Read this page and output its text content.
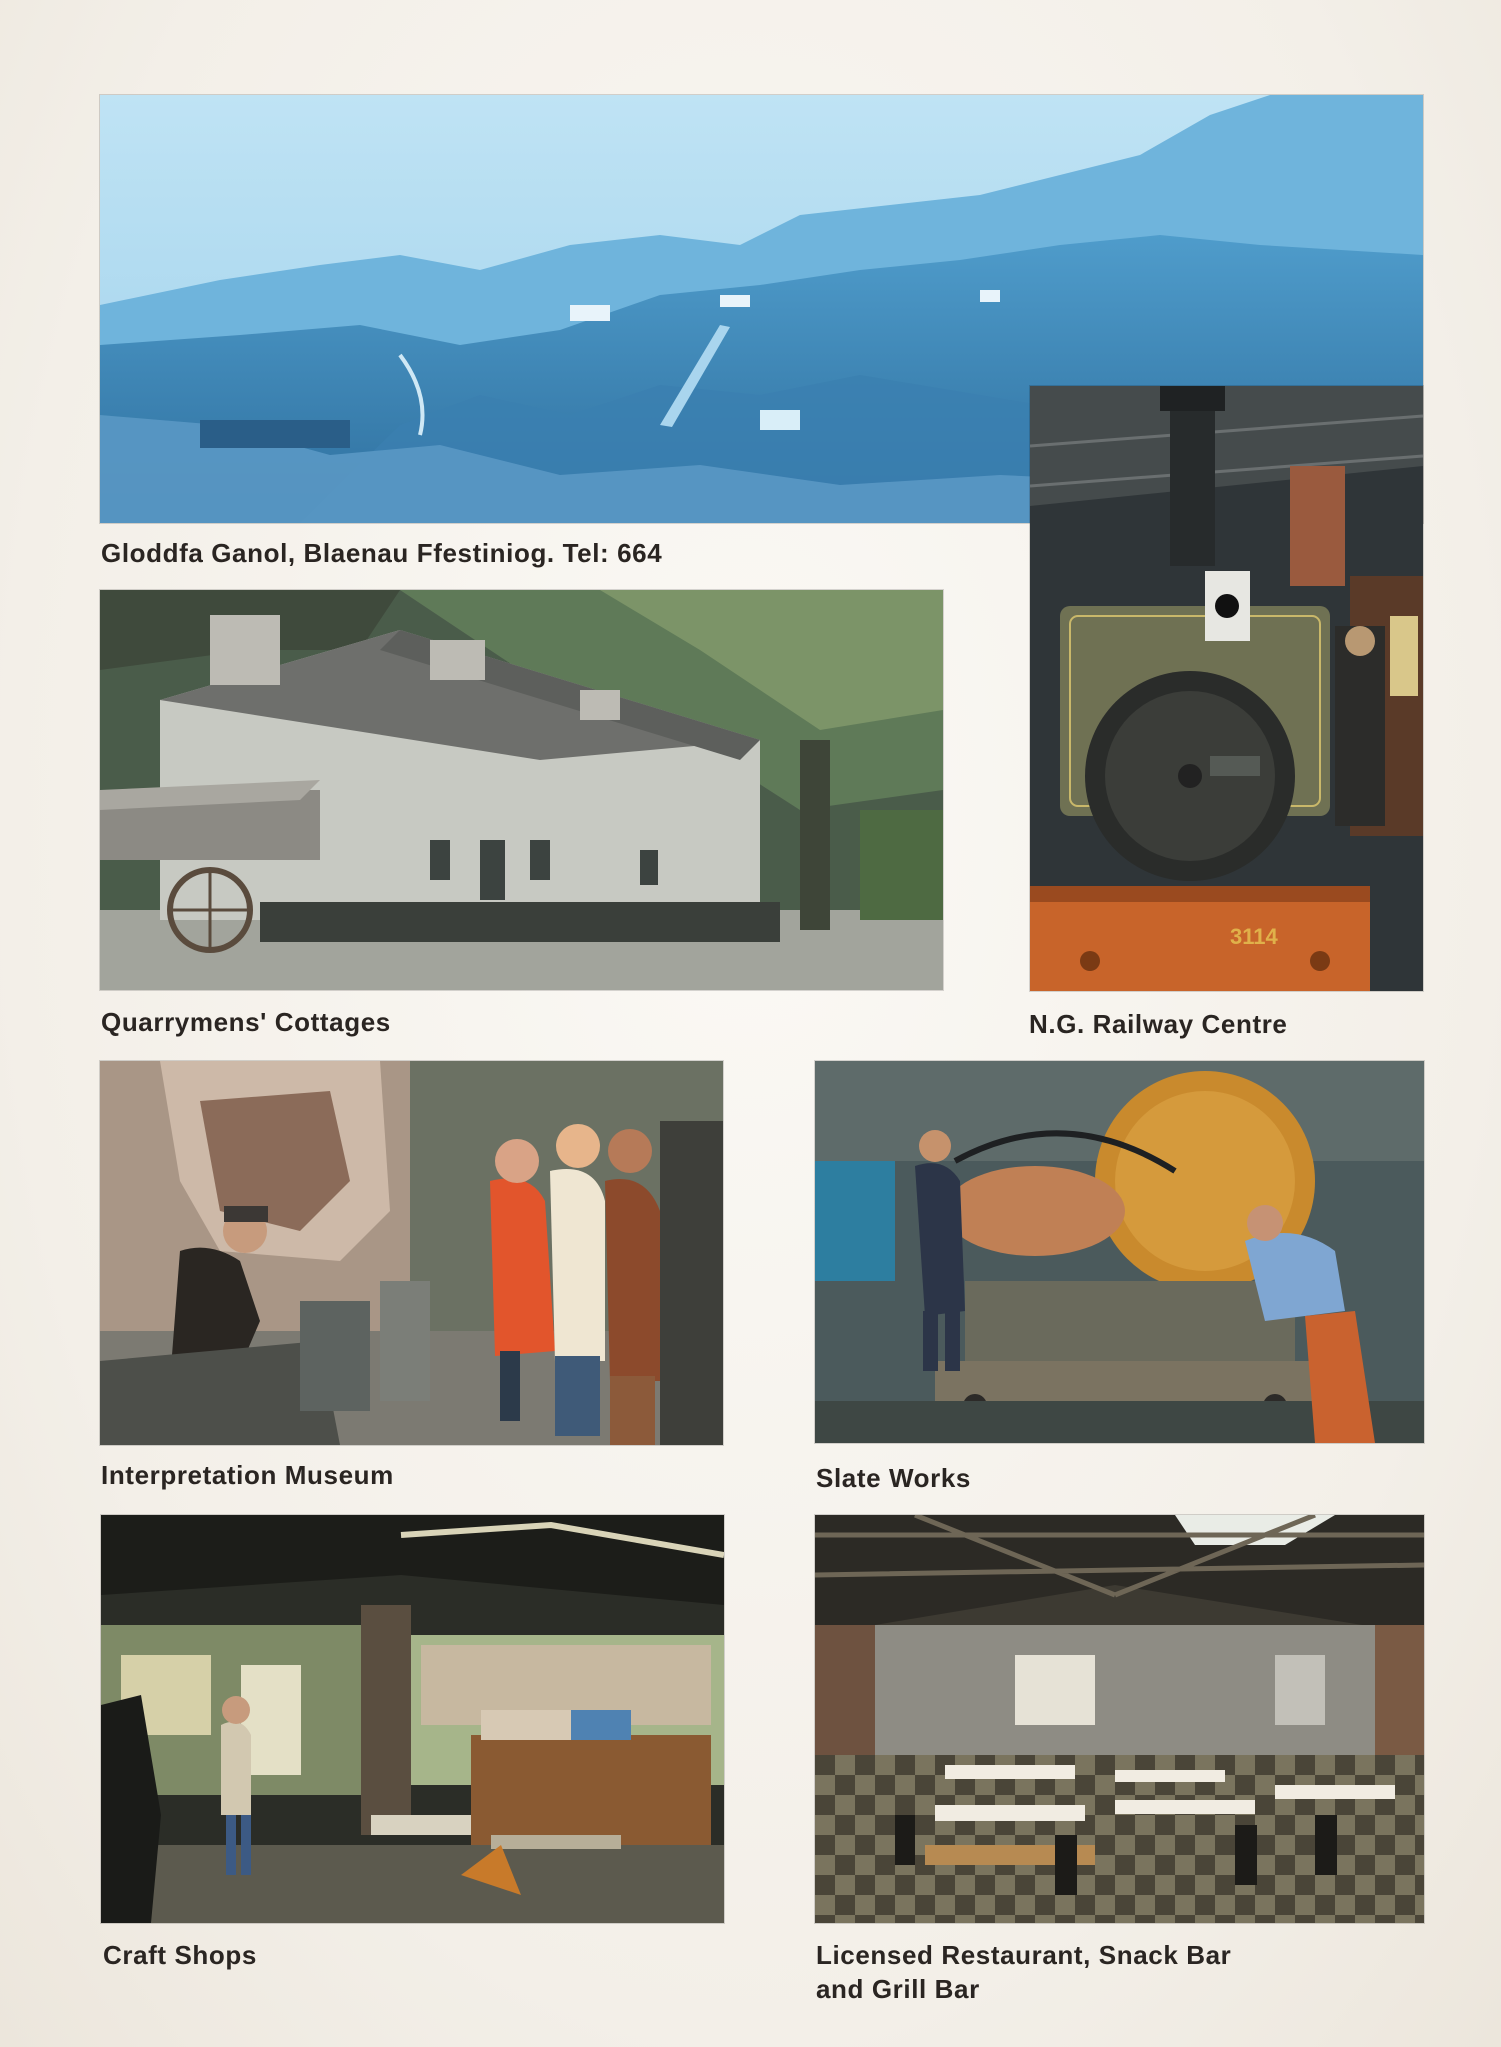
Gloddfa Ganol, Blaenau Ffestiniog. Tel: 664

Quarrymens' Cottages

3114

N.G. Railway Centre

Interpretation Museum	Slate Works

Craft Shops	Licensed Restaurant, Snack Bar

and Grill Bar
